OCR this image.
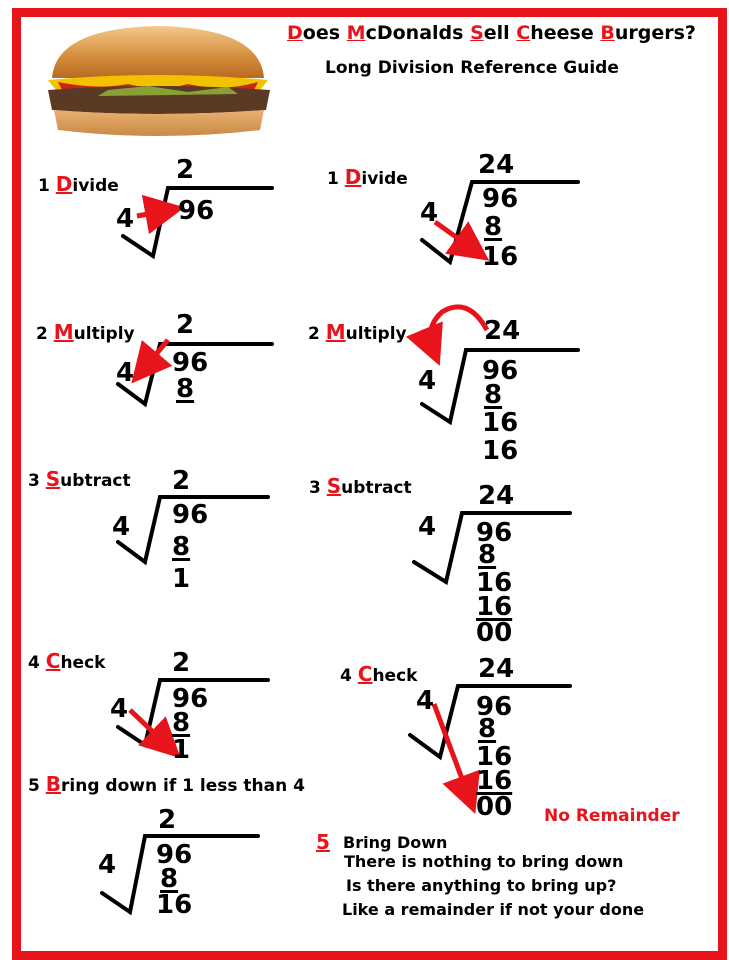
Does McDonalds Sell Cheese Burgers?
Long Division Reference Guide
1 Divide	1 Divide
2 Multiply	2 Multiply
3 Subtract	3 Subtract
4 Check
4 Check
5 Bring down if 1 less than 4
2
4 96
2
4 96
8
2
4 96
8
1
2
4 96
8
1
2
4 96
8
16
24
4 96
8
16
24
4 96
8
16
16
24
4 96
8
16
16
00
24
4 96
8
16
16
00 No Remainder
5 Bring Down
There is nothing to bring down
Is there anything to bring up?
Like a remainder if not your done
